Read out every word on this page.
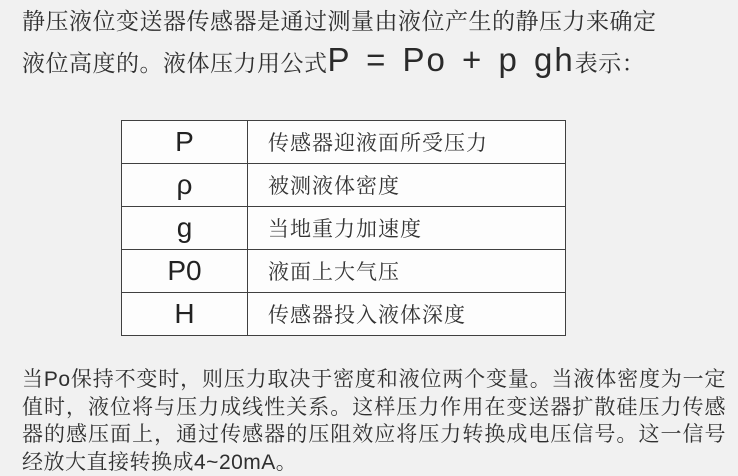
静压液位变送器传感器是通过测量由液位产生的静压力来确定
液位高度的。液体压力用公式P = Po + p gh表示：
P	传感器迎液面所受压力
ρ	被测液体密度
g	当地重力加速度
P0	液面上大气压
H	传感器投入液体深度

当Po保持不变时，则压力取决于密度和液位两个变量。当液体密度为一定值时，液位将与压力成线性关系。这样压力作用在变送器扩散硅压力传感器的感压面上，通过传感器的压阻效应将压力转换成电压信号。这一信号经放大直接转换成4~20mA。
